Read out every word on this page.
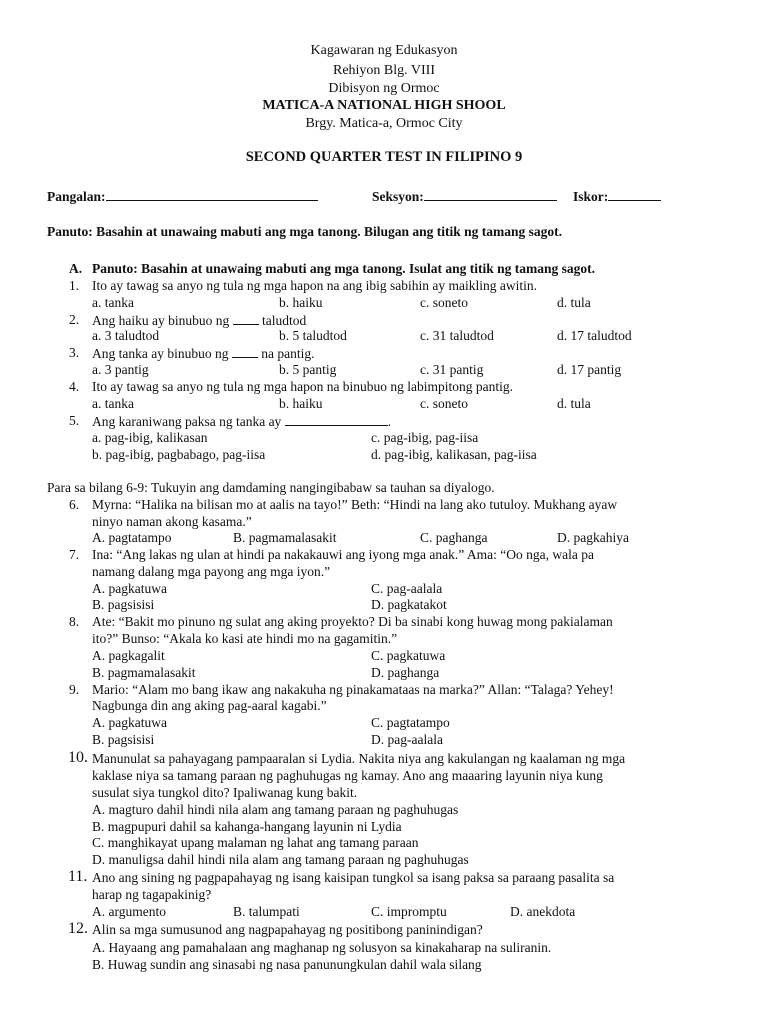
Kagawaran ng Edukasyon
Rehiyon Blg. VIII
Dibisyon ng Ormoc
MATICA-A NATIONAL HIGH SHOOL
Brgy. Matica-a, Ormoc City
SECOND QUARTER TEST IN FILIPINO 9
Pangalan:	Seksyon:	Iskor:
Panuto: Basahin at unawaing mabuti ang mga tanong. Bilugan ang titik ng tamang sagot.
A. Panuto: Basahin at unawaing mabuti ang mga tanong. Isulat ang titik ng tamang sagot.
1. Ito ay tawag sa anyo ng tula ng mga hapon na ang ibig sabihin ay maikling awitin.
a. tanka	b. haiku	c. soneto	d. tula
2. Ang haiku ay binubuo ng taludtod
a. 3 taludtod	b. 5 taludtod	c. 31 taludtod	d. 17 taludtod
3. Ang tanka ay binubuo ng na pantig.
a. 3 pantig	b. 5 pantig	c. 31 pantig	d. 17 pantig
4. Ito ay tawag sa anyo ng tula ng mga hapon na binubuo ng labimpitong pantig.
a. tanka	b. haiku	c. soneto	d. tula
5. Ang karaniwang paksa ng tanka ay	.
a. pag-ibig, kalikasan	c. pag-ibig, pag-iisa
b. pag-ibig, pagbabago, pag-iisa	d. pag-ibig, kalikasan, pag-iisa
Para sa bilang 6-9: Tukuyin ang damdaming nangingibabaw sa tauhan sa diyalogo.
6. Myrna: “Halika na bilisan mo at aalis na tayo!” Beth: “Hindi na lang ako tutuloy. Mukhang ayaw
ninyo naman akong kasama.”
A. pagtatampo	B. pagmamalasakit	C. paghanga	D. pagkahiya
7. Ina: “Ang lakas ng ulan at hindi pa nakakauwi ang iyong mga anak.” Ama: “Oo nga, wala pa
namang dalang mga payong ang mga iyon.”
A. pagkatuwa	C. pag-aalala
B. pagsisisi	D. pagkatakot
8. Ate: “Bakit mo pinuno ng sulat ang aking proyekto? Di ba sinabi kong huwag mong pakialaman
ito?” Bunso: “Akala ko kasi ate hindi mo na gagamitin.”
A. pagkagalit	C. pagkatuwa
B. pagmamalasakit	D. paghanga
9. Mario: “Alam mo bang ikaw ang nakakuha ng pinakamataas na marka?” Allan: “Talaga? Yehey!
Nagbunga din ang aking pag-aaral kagabi.”
A. pagkatuwa	C. pagtatampo
B. pagsisisi	D. pag-aalala
10. Manunulat sa pahayagang pampaaralan si Lydia. Nakita niya ang kakulangan ng kaalaman ng mga
kaklase niya sa tamang paraan ng paghuhugas ng kamay. Ano ang maaaring layunin niya kung
susulat siya tungkol dito? Ipaliwanag kung bakit.
A. magturo dahil hindi nila alam ang tamang paraan ng paghuhugas
B. magpupuri dahil sa kahanga-hangang layunin ni Lydia
C. manghikayat upang malaman ng lahat ang tamang paraan
D. manuligsa dahil hindi nila alam ang tamang paraan ng paghuhugas
11. Ano ang sining ng pagpapahayag ng isang kaisipan tungkol sa isang paksa sa paraang pasalita sa
harap ng tagapakinig?
A. argumento	B. talumpati	C. impromptu	D. anekdota
12. Alin sa mga sumusunod ang nagpapahayag ng positibong paninindigan?
A. Hayaang ang pamahalaan ang maghanap ng solusyon sa kinakaharap na suliranin.
B. Huwag sundin ang sinasabi ng nasa panunungkulan dahil wala silang
